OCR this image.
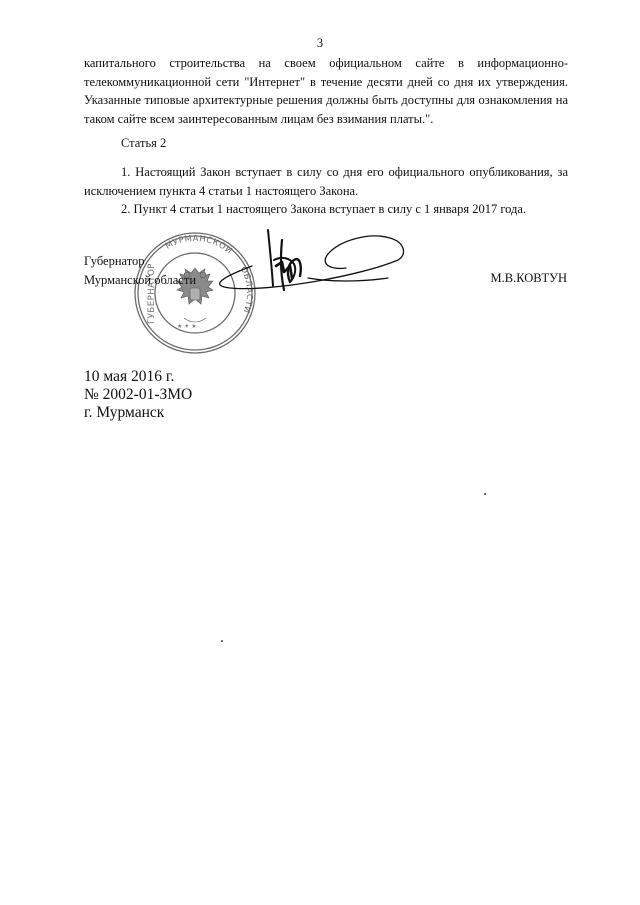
3

капитального строительства на своем официальном сайте в информационно-телекоммуникационной сети "Интернет" в течение десяти дней со дня их утверждения. Указанные типовые архитектурные решения должны быть доступны для ознакомления на таком сайте всем заинтересованным лицам без взимания платы.".

Статья 2

1. Настоящий Закон вступает в силу со дня его официального опубликования, за исключением пункта 4 статьи 1 настоящего Закона.

2. Пункт 4 статьи 1 настоящего Закона вступает в силу с 1 января 2017 года.

МУРМАНСКОЙ
ОБЛАСТИ
ГУБЕРНАТОР
★ ✦ ★
Губернатор
Мурманской области	М.В.КОВТУН
10 мая 2016 г.
№ 2002-01-ЗМО
г. Мурманск
